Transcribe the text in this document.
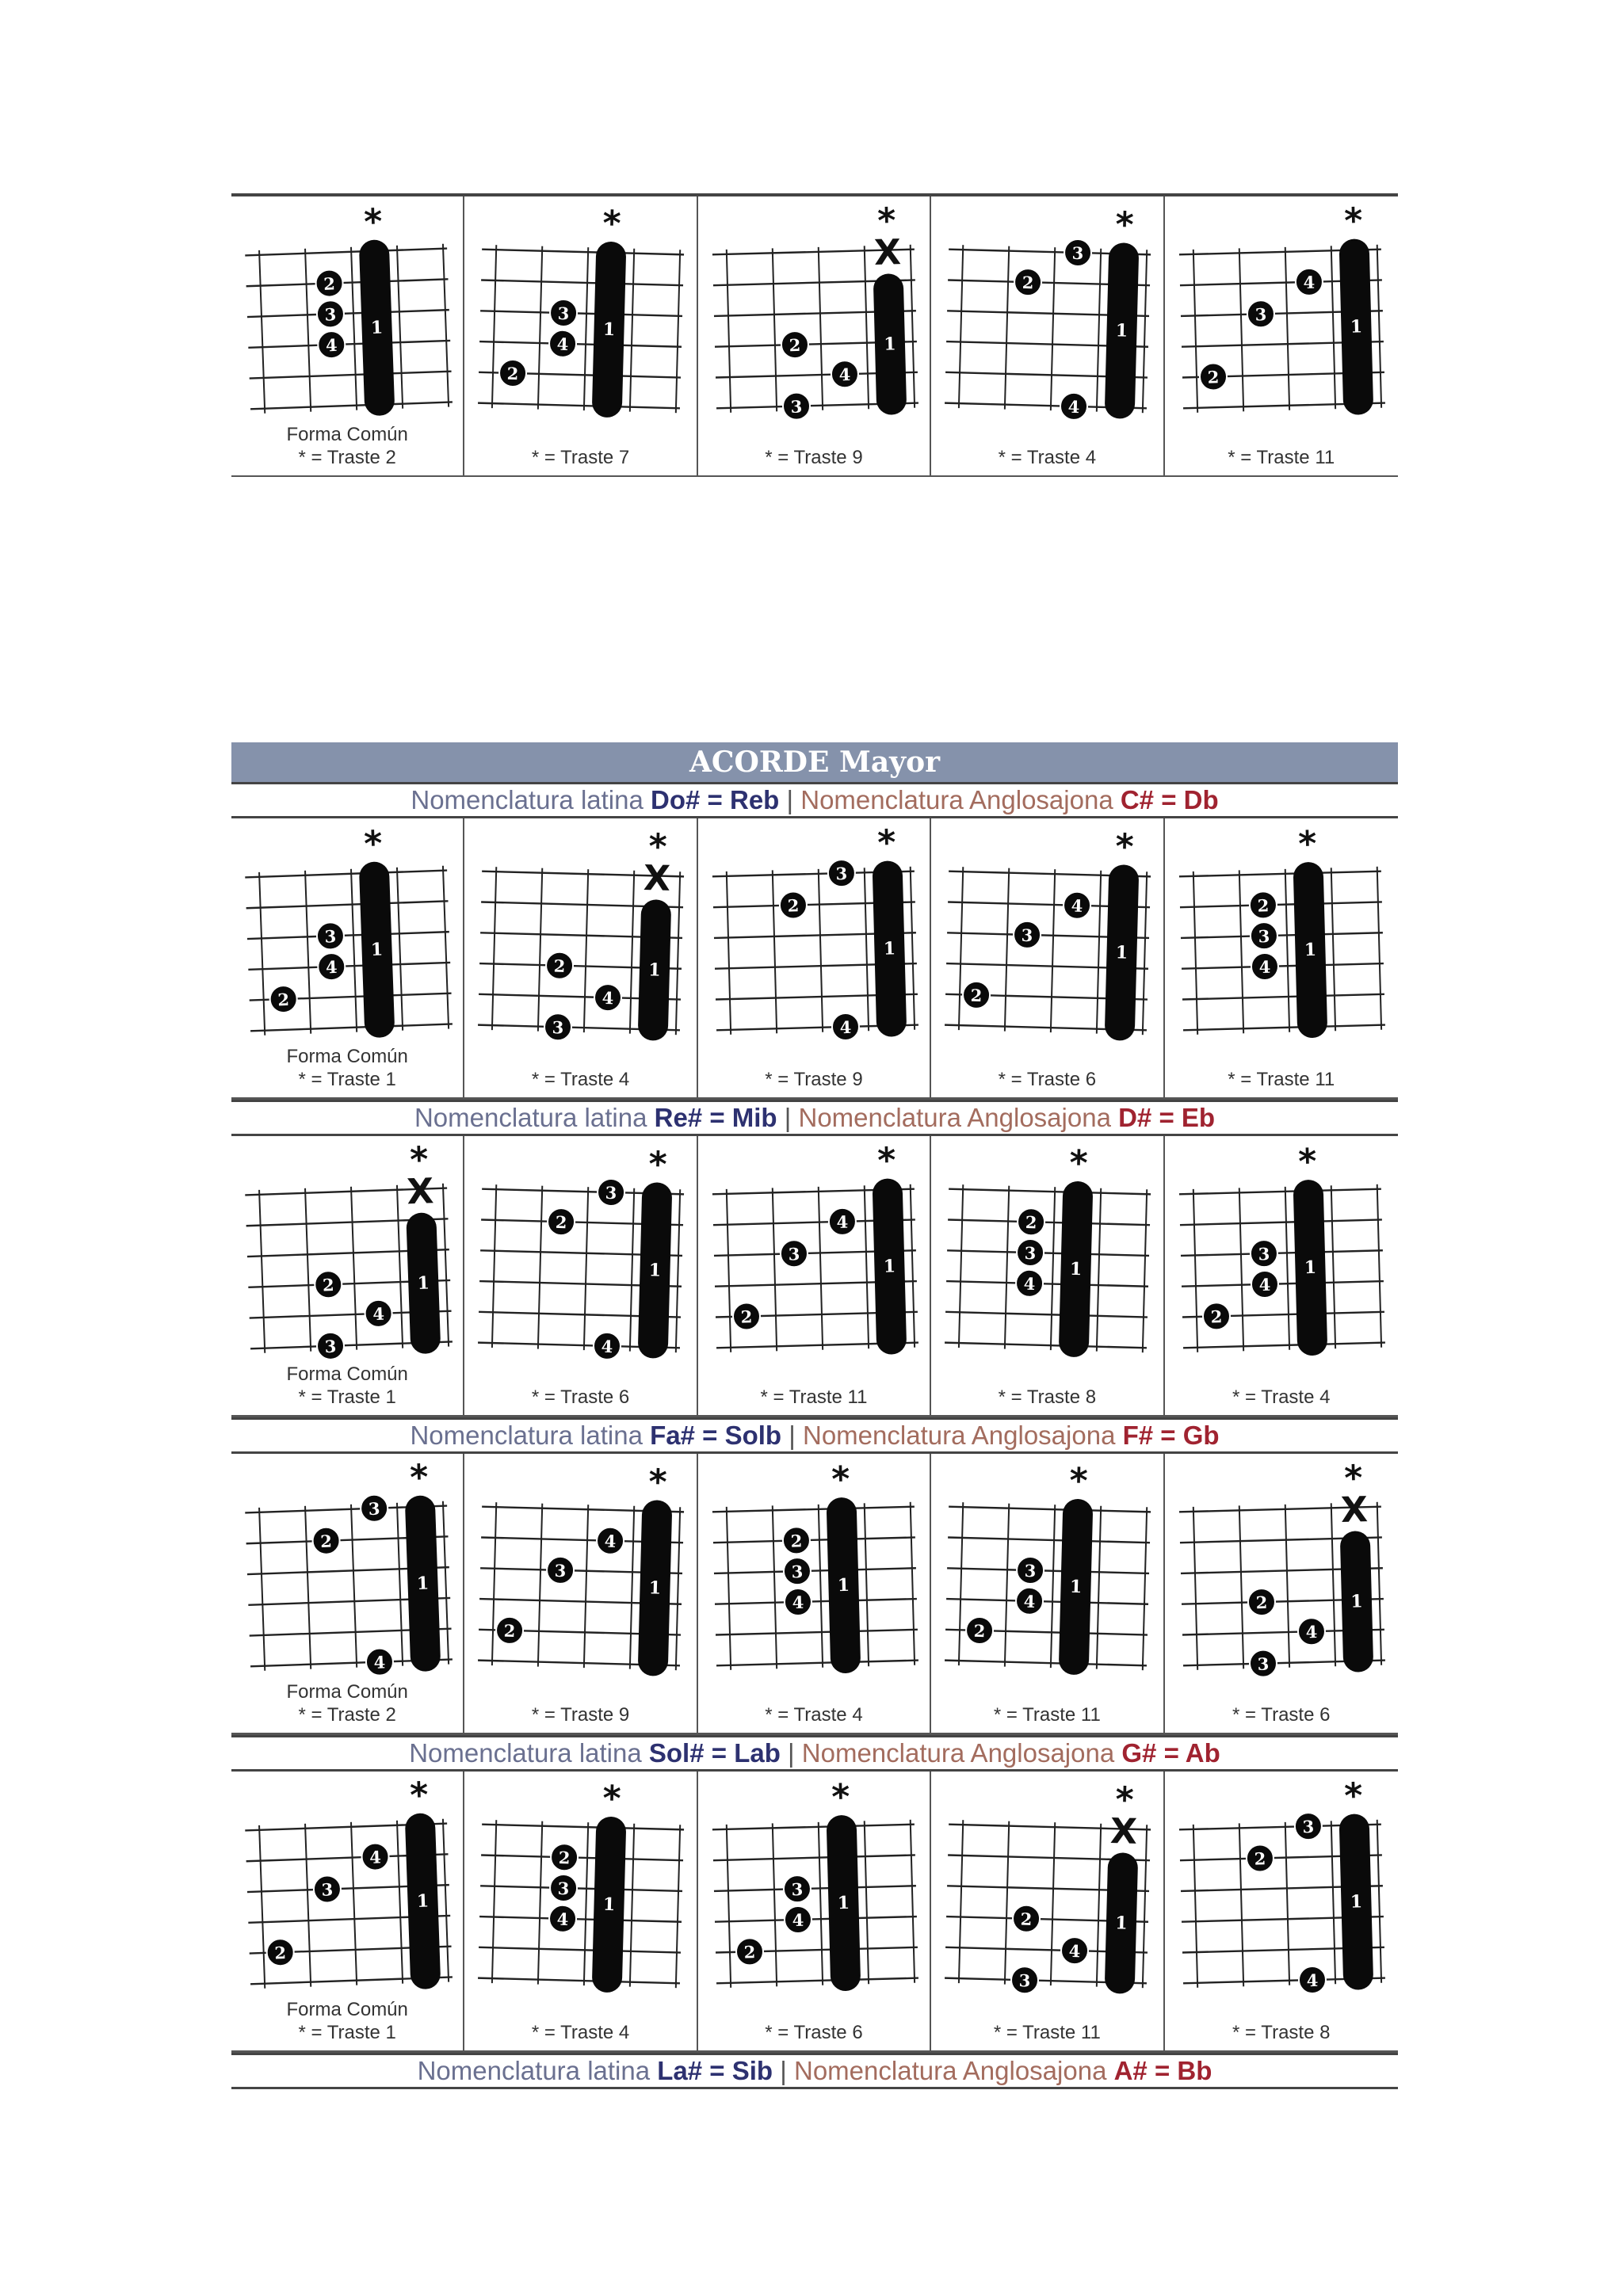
1
*
2
3
4
Forma Común
* = Traste 2
1
*
3
4
2
* = Traste 7
1
*
X
4
2
3
* = Traste 9
1
*
3
2
4
* = Traste 4
1
*
4
3
2
* = Traste 11
ACORDE Mayor
Nomenclatura latina Do# = Reb | Nomenclatura Anglosajona C# = Db
1
*
3
4
2
Forma Común
* = Traste 1
1
*
X
4
2
3
* = Traste 4
1
*
3
2
4
* = Traste 9
1
*
4
3
2
* = Traste 6
1
*
2
3
4
* = Traste 11
Nomenclatura latina Re# = Mib | Nomenclatura Anglosajona D# = Eb
1
*
X
4
2
3
Forma Común
* = Traste 1
1
*
3
2
4
* = Traste 6
1
*
4
3
2
* = Traste 11
1
*
2
3
4
* = Traste 8
1
*
3
4
2
* = Traste 4
Nomenclatura latina Fa# = Solb | Nomenclatura Anglosajona F# = Gb
1
*
3
2
4
Forma Común
* = Traste 2
1
*
4
3
2
* = Traste 9
1
*
2
3
4
* = Traste 4
1
*
3
4
2
* = Traste 11
1
*
X
4
2
3
* = Traste 6
Nomenclatura latina Sol# = Lab | Nomenclatura Anglosajona G# = Ab
1
*
4
3
2
Forma Común
* = Traste 1
1
*
2
3
4
* = Traste 4
1
*
3
4
2
* = Traste 6
1
*
X
4
2
3
* = Traste 11
1
*
3
2
4
* = Traste 8
Nomenclatura latina La# = Sib | Nomenclatura Anglosajona A# = Bb
